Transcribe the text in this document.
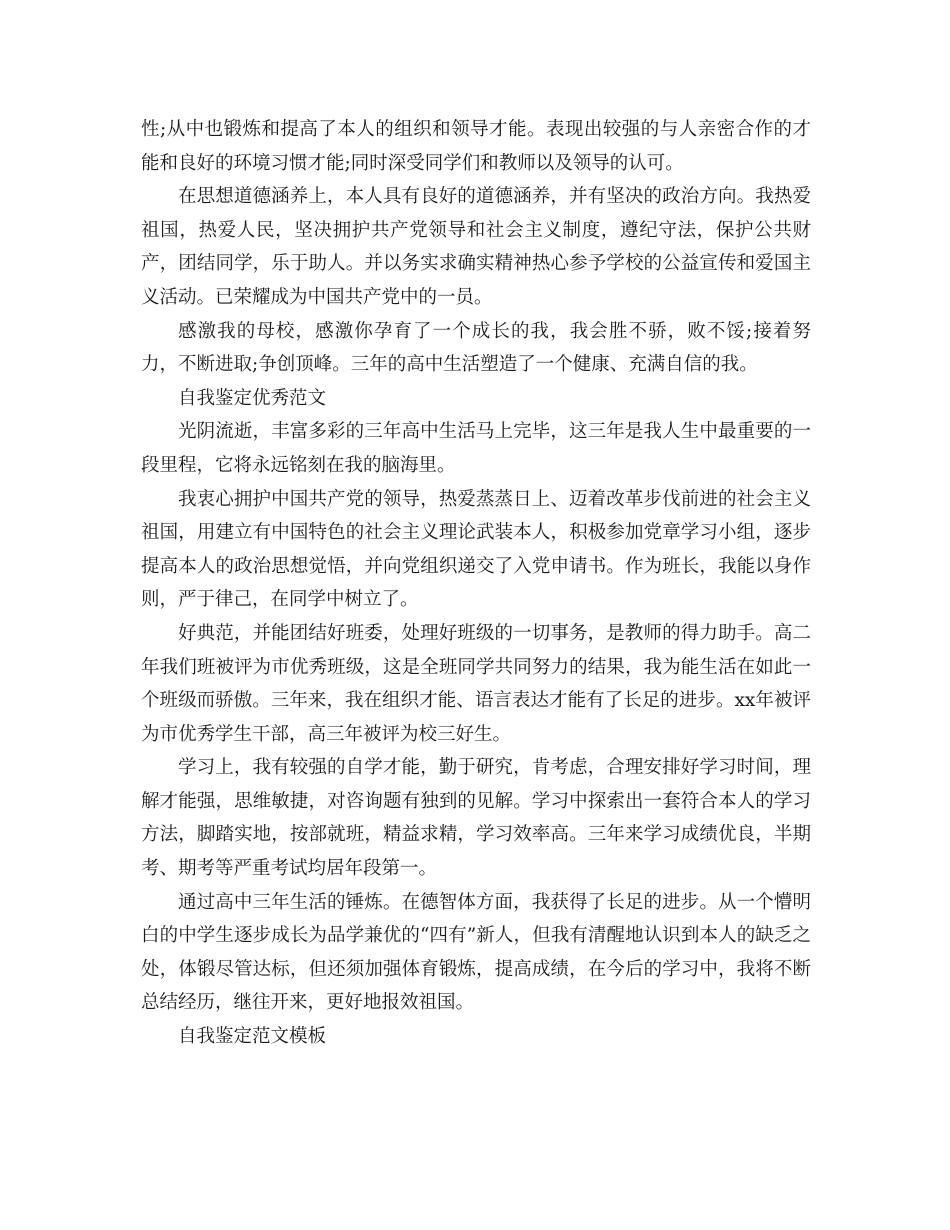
性;从中也锻炼和提高了本人的组织和领导才能。表现出较强的与人亲密合作的才能和良好的环境习惯才能;同时深受同学们和教师以及领导的认可。

在思想道德涵养上，本人具有良好的道德涵养，并有坚决的政治方向。我热爱祖国，热爱人民，坚决拥护共产党领导和社会主义制度，遵纪守法，保护公共财产，团结同学，乐于助人。并以务实求确实精神热心参予学校的公益宣传和爱国主义活动。已荣耀成为中国共产党中的一员。

感激我的母校，感激你孕育了一个成长的我，我会胜不骄，败不馁;接着努力，不断进取;争创顶峰。三年的高中生活塑造了一个健康、充满自信的我。

自我鉴定优秀范文

光阴流逝，丰富多彩的三年高中生活马上完毕，这三年是我人生中最重要的一段里程，它将永远铭刻在我的脑海里。

我衷心拥护中国共产党的领导，热爱蒸蒸日上、迈着改革步伐前进的社会主义祖国，用建立有中国特色的社会主义理论武装本人，积极参加党章学习小组，逐步提高本人的政治思想觉悟，并向党组织递交了入党申请书。作为班长，我能以身作则，严于律己，在同学中树立了。

好典范，并能团结好班委，处理好班级的一切事务，是教师的得力助手。高二年我们班被评为市优秀班级，这是全班同学共同努力的结果，我为能生活在如此一个班级而骄傲。三年来，我在组织才能、语言表达才能有了长足的进步。xx年被评为市优秀学生干部，高三年被评为校三好生。

学习上，我有较强的自学才能，勤于研究，肯考虑，合理安排好学习时间，理解才能强，思维敏捷，对咨询题有独到的见解。学习中探索出一套符合本人的学习方法，脚踏实地，按部就班，精益求精，学习效率高。三年来学习成绩优良，半期考、期考等严重考试均居年段第一。

通过高中三年生活的锤炼。在德智体方面，我获得了长足的进步。从一个懵明白的中学生逐步成长为品学兼优的“四有”新人，但我有清醒地认识到本人的缺乏之处，体锻尽管达标，但还须加强体育锻炼，提高成绩，在今后的学习中，我将不断总结经历，继往开来，更好地报效祖国。

自我鉴定范文模板
